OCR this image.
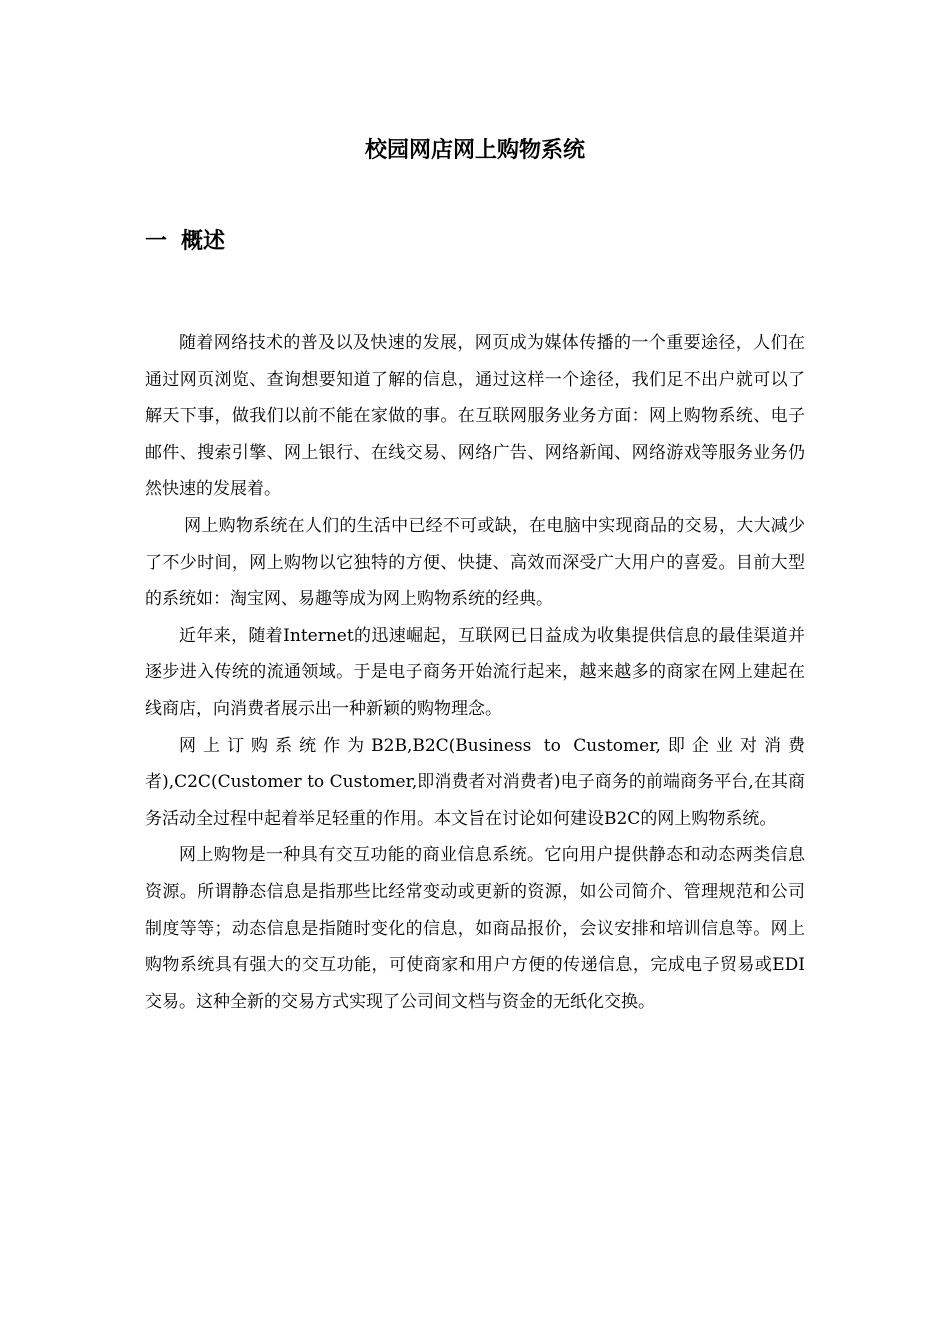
校园网店网上购物系统
一 概述

随着网络技术的普及以及快速的发展，网页成为媒体传播的一个重要途径，人们在通过网页浏览、查询想要知道了解的信息，通过这样一个途径，我们足不出户就可以了解天下事，做我们以前不能在家做的事。在互联网服务业务方面：网上购物系统、电子邮件、搜索引擎、网上银行、在线交易、网络广告、网络新闻、网络游戏等服务业务仍然快速的发展着。

网上购物系统在人们的生活中已经不可或缺，在电脑中实现商品的交易，大大减少了不少时间，网上购物以它独特的方便、快捷、高效而深受广大用户的喜爱。目前大型的系统如：淘宝网、易趣等成为网上购物系统的经典。

近年来，随着Internet的迅速崛起，互联网已日益成为收集提供信息的最佳渠道并逐步进入传统的流通领域。于是电子商务开始流行起来，越来越多的商家在网上建起在线商店，向消费者展示出一种新颖的购物理念。

网上订购系统作为B2B,B2C(Business to Customer,即企业对消费者),C2C(Customer to Customer,即消费者对消费者)电子商务的前端商务平台,在其商务活动全过程中起着举足轻重的作用。本文旨在讨论如何建设B2C的网上购物系统。

网上购物是一种具有交互功能的商业信息系统。它向用户提供静态和动态两类信息资源。所谓静态信息是指那些比经常变动或更新的资源，如公司简介、管理规范和公司制度等等；动态信息是指随时变化的信息，如商品报价，会议安排和培训信息等。网上购物系统具有强大的交互功能，可使商家和用户方便的传递信息，完成电子贸易或EDI交易。这种全新的交易方式实现了公司间文档与资金的无纸化交换。
